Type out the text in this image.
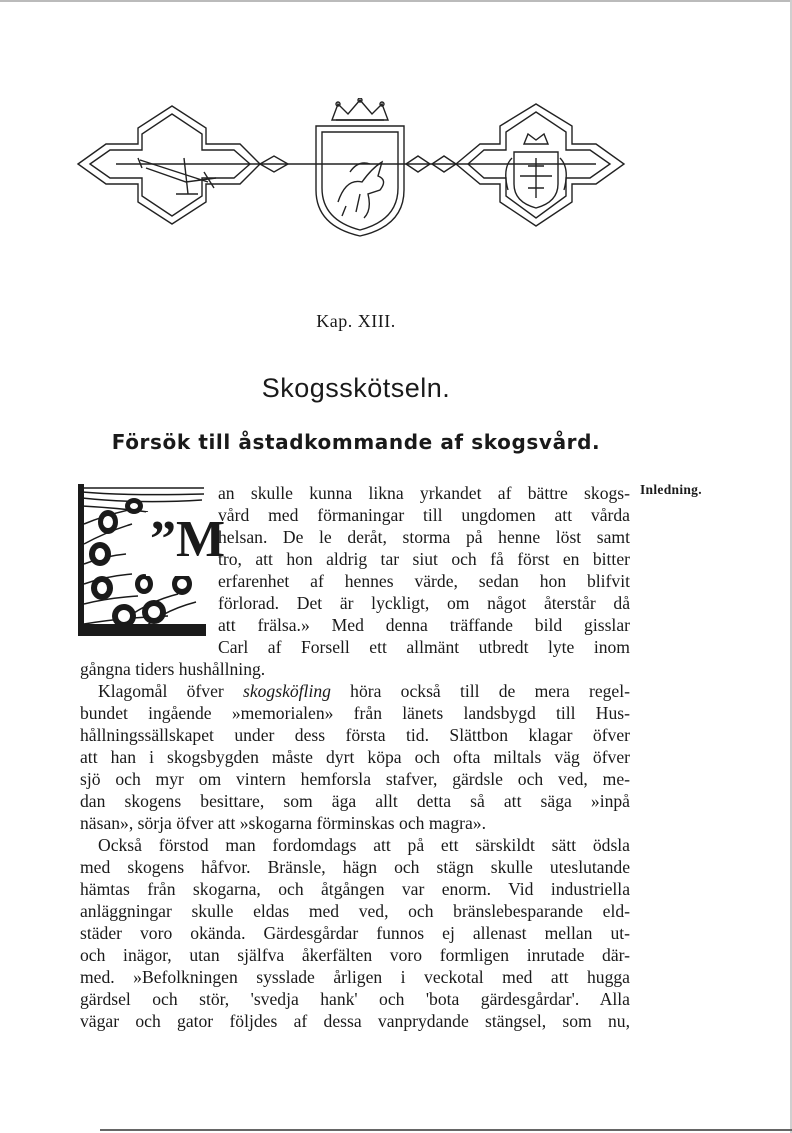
Kap. XIII.
Skogsskötseln.
Försök till åstadkommande af skogsvård.
Inledning.
”M
an skulle kunna likna yrkandet af bättre skogs-
vård med förmaningar till ungdomen att vårda
helsan. De le deråt, storma på henne löst samt
tro, att hon aldrig tar siut och få först en bitter
erfarenhet af hennes värde, sedan hon blifvit
förlorad. Det är lyckligt, om något återstår då
att frälsa.» Med denna träffande bild gisslar
Carl af Forsell ett allmänt utbredt lyte inom
gångna tiders hushållning.
Klagomål öfver skogsköfling höra också till de mera regel-
bundet ingående »memorialen» från länets landsbygd till Hus-
hållningssällskapet under dess första tid. Slättbon klagar öfver
att han i skogsbygden måste dyrt köpa och ofta miltals väg öfver
sjö och myr om vintern hemforsla stafver, gärdsle och ved, me-
dan skogens besittare, som äga allt detta så att säga »inpå
näsan», sörja öfver att »skogarna förminskas och magra».
Också förstod man fordomdags att på ett särskildt sätt ödsla
med skogens håfvor. Bränsle, hägn och stägn skulle uteslutande
hämtas från skogarna, och åtgången var enorm. Vid industriella
anläggningar skulle eldas med ved, och bränslebesparande eld-
städer voro okända. Gärdesgårdar funnos ej allenast mellan ut-
och inägor, utan själfva åkerfälten voro formligen inrutade där-
med. »Befolkningen sysslade årligen i veckotal med att hugga
gärdsel och stör, 'svedja hank' och 'bota gärdesgårdar'. Alla
vägar och gator följdes af dessa vanprydande stängsel, som nu,
